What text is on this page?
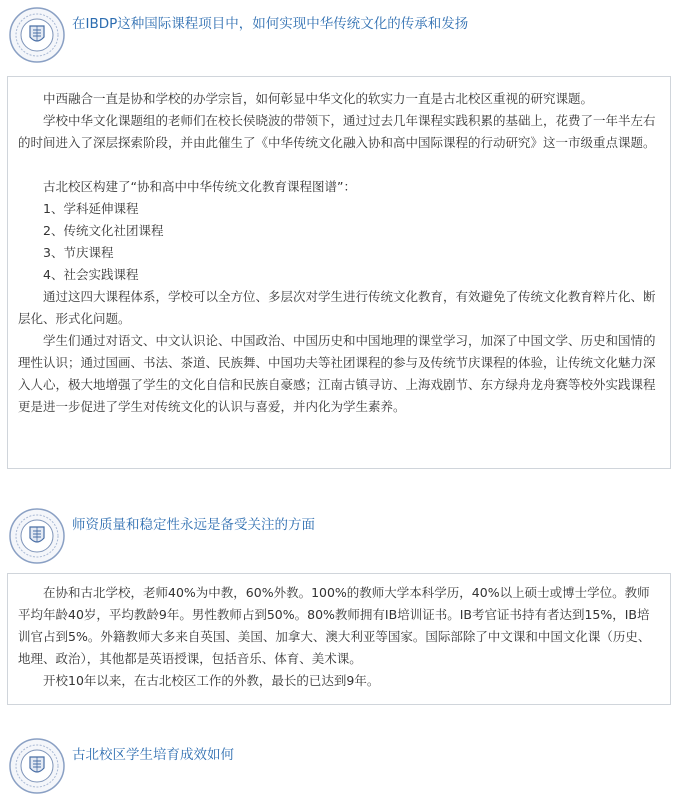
在IBDP这种国际课程项目中，如何实现中华传统文化的传承和发扬

中西融合一直是协和学校的办学宗旨，如何彰显中华文化的软实力一直是古北校区重视的研究课题。

学校中华文化课题组的老师们在校长侯晓波的带领下，通过过去几年课程实践积累的基础上，花费了一年半左右的时间进入了深层探索阶段，并由此催生了《中华传统文化融入协和高中国际课程的行动研究》这一市级重点课题。

古北校区构建了“协和高中中华传统文化教育课程图谱”：

1、学科延伸课程

2、传统文化社团课程

3、节庆课程

4、社会实践课程

通过这四大课程体系，学校可以全方位、多层次对学生进行传统文化教育，有效避免了传统文化教育粹片化、断层化、形式化问题。

学生们通过对语文、中文认识论、中国政治、中国历史和中国地理的课堂学习，加深了中国文学、历史和国情的理性认识；通过国画、书法、茶道、民族舞、中国功夫等社团课程的参与及传统节庆课程的体验，让传统文化魅力深入人心，极大地增强了学生的文化自信和民族自豪感；江南古镇寻访、上海戏剧节、东方绿舟龙舟赛等校外实践课程更是进一步促进了学生对传统文化的认识与喜爱，并内化为学生素养。

师资质量和稳定性永远是备受关注的方面

在协和古北学校，老师40%为中教，60%外教。100%的教师大学本科学历，40%以上硕士或博士学位。教师平均年龄40岁，平均教龄9年。男性教师占到50%。80%教师拥有IB培训证书。IB考官证书持有者达到15%，IB培训官占到5%。外籍教师大多来自英国、美国、加拿大、澳大利亚等国家。国际部除了中文课和中国文化课（历史、地理、政治），其他都是英语授课，包括音乐、体育、美术课。

开校10年以来，在古北校区工作的外教，最长的已达到9年。

古北校区学生培育成效如何
